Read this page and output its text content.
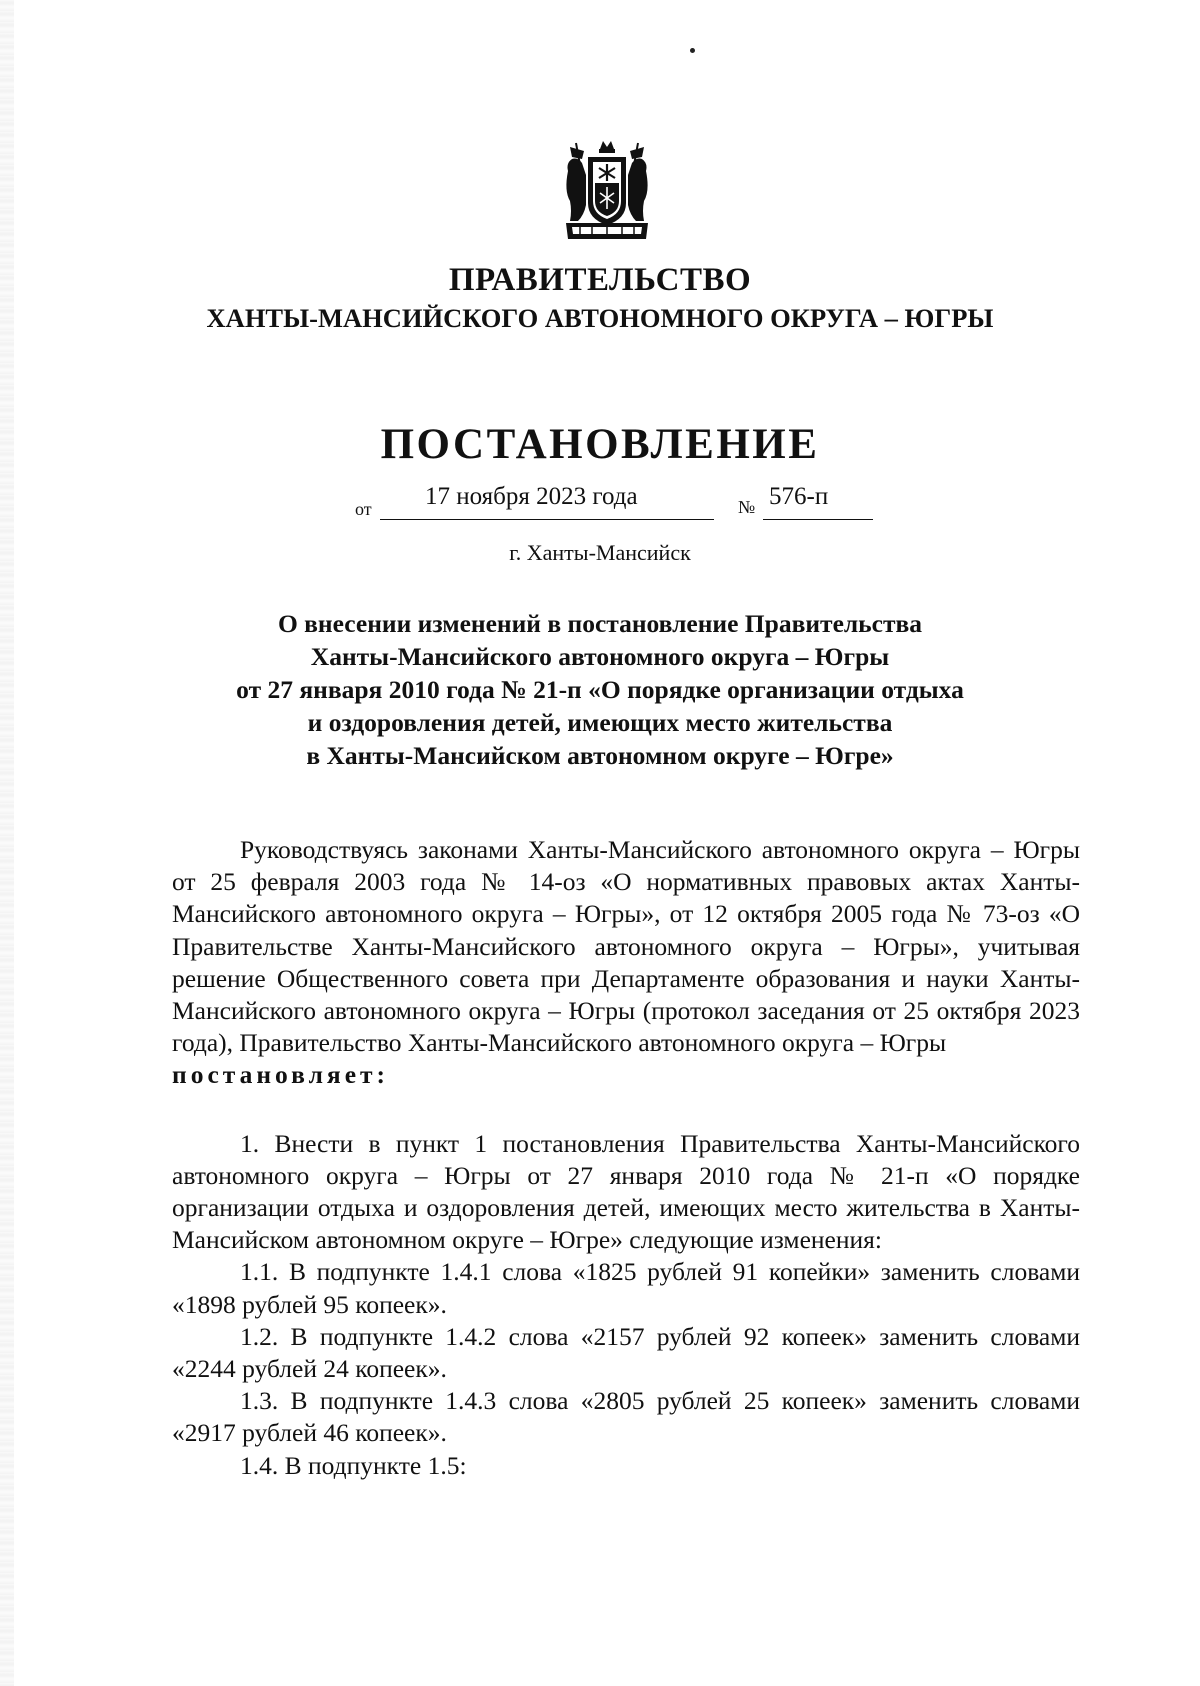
ПРАВИТЕЛЬСТВО
ХАНТЫ-МАНСИЙСКОГО АВТОНОМНОГО ОКРУГА – ЮГРЫ
ПОСТАНОВЛЕНИЕ
от 17 ноября 2023 года	№ 576-п
г. Ханты-Мансийск
О внесении изменений в постановление Правительства
Ханты-Мансийского автономного округа – Югры
от 27 января 2010 года № 21-п «О порядке организации отдыха
и оздоровления детей, имеющих место жительства
в Ханты-Мансийском автономном округе – Югре»

Руководствуясь законами Ханты-Мансийского автономного округа – Югры от 25 февраля 2003 года № 14-оз «О нормативных правовых актах Ханты-Мансийского автономного округа – Югры», от 12 октября 2005 года № 73-оз «О Правительстве Ханты-Мансийского автономного округа – Югры», учитывая решение Общественного совета при Департаменте образования и науки Ханты-Мансийского автономного округа – Югры (протокол заседания от 25 октября 2023 года), Правительство Ханты-Мансийского автономного округа – Югры

постановляет:

1. Внести в пункт 1 постановления Правительства Ханты-Мансийского автономного округа – Югры от 27 января 2010 года № 21-п «О порядке организации отдыха и оздоровления детей, имеющих место жительства в Ханты-Мансийском автономном округе – Югре» следующие изменения:

1.1. В подпункте 1.4.1 слова «1825 рублей 91 копейки» заменить словами «1898 рублей 95 копеек».

1.2. В подпункте 1.4.2 слова «2157 рублей 92 копеек» заменить словами «2244 рублей 24 копеек».

1.3. В подпункте 1.4.3 слова «2805 рублей 25 копеек» заменить словами «2917 рублей 46 копеек».

1.4. В подпункте 1.5:
